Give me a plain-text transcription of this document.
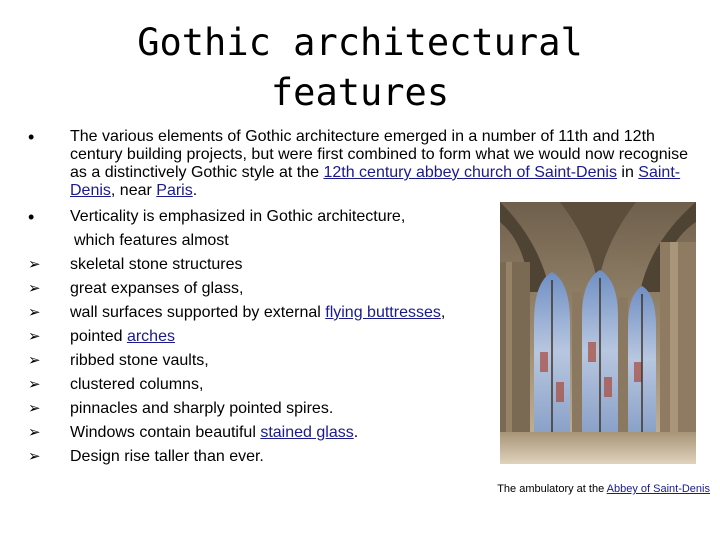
Gothic architectural
features
•	The various elements of Gothic architecture emerged in a number of 11th and 12th century building projects, but were first combined to form what we would now recognise as a distinctively Gothic style at the 12th century abbey church of Saint-Denis in Saint-Denis, near Paris.
•	Verticality is emphasized in Gothic architecture,
which features almost
➢	skeletal stone structures
➢	great expanses of glass,
➢	wall surfaces supported by external flying buttresses,
➢	pointed arches
➢	ribbed stone vaults,
➢	clustered columns,
➢	pinnacles and sharply pointed spires.
➢	Windows contain beautiful stained glass.
➢	Design rise taller than ever.
The ambulatory at the Abbey of Saint-Denis
